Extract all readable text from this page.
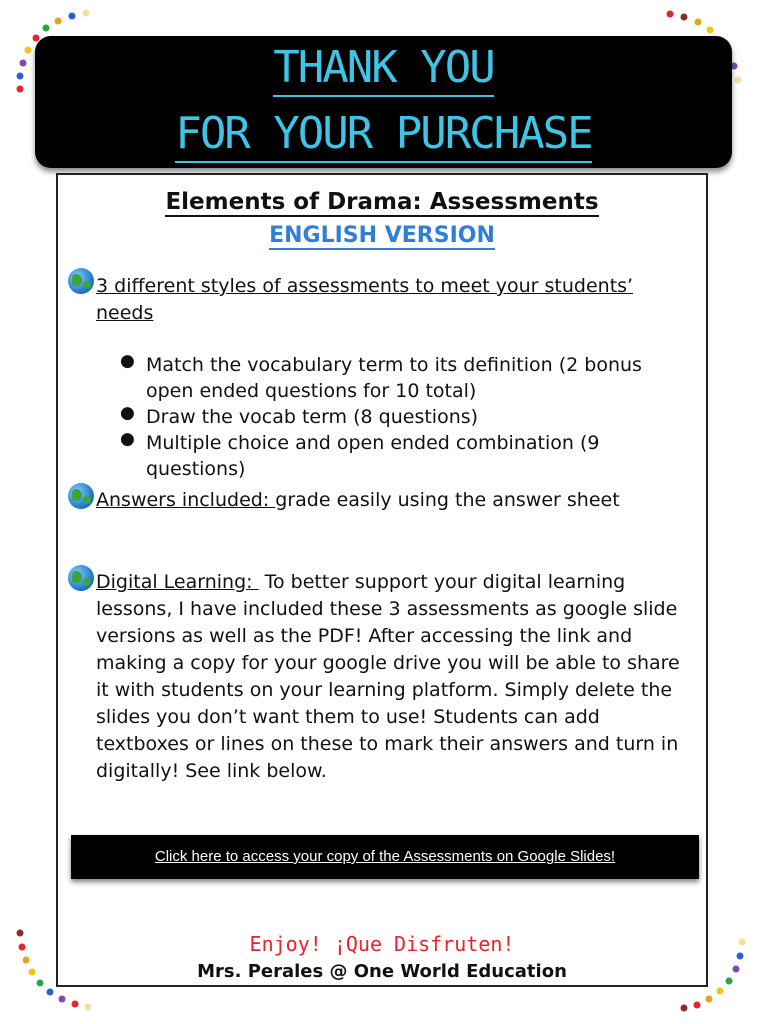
THANK YOU
FOR YOUR PURCHASE
Elements of Drama: Assessments
ENGLISH VERSION
3 different styles of assessments to meet your students’
needs
● Match the vocabulary term to its definition (2 bonus
open ended questions for 10 total)
● Draw the vocab term (8 questions)
● Multiple choice and open ended combination (9 questions)
Answers included: grade easily using the answer sheet
Digital Learning:  To better support your digital learning lessons, I have included these 3 assessments as google slide versions as well as the PDF! After accessing the link and making a copy for your google drive you will be able to share it with students on your learning platform. Simply delete the slides you don’t want them to use! Students can add textboxes or lines on these to mark their answers and turn in digitally! See link below.
Click here to access your copy of the Assessments on Google Slides!
Enjoy! ¡Que Disfruten!
Mrs. Perales @ One World Education
